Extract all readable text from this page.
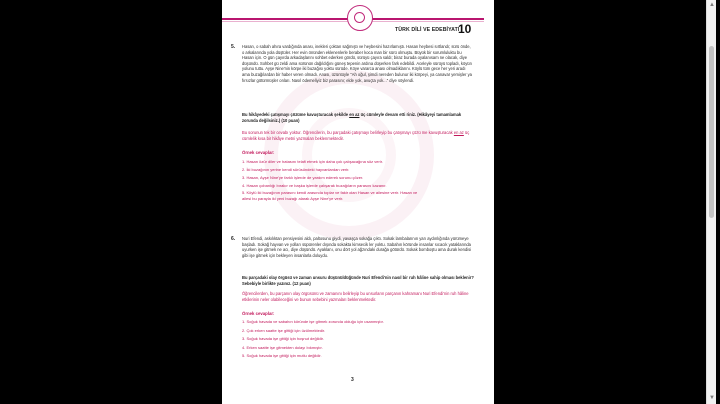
TÜRK DİLİ VE EDEBİYATI
10
5. Hasan, o sabah ahıra vardığında anası, inekleri çoktan sağmıştı ve heybesini hazırlamıştı. Hasan heybesi sırtlandı; sürü önde, o arkalarında yola düştüler. Her evin önünden eklenenlerle beraber koca man bir sürü olmuştu. Büyük bir sorumluluktu bu Hasan için. O gün çayırda arkadaşlarını sohbet ederken gördü, sürüyü çayıra saldı; biraz burada oyalanısam ne olacak, diye düşündü. Sohbet gü zeldi ama sürünün dağıldığını güneş tepenin ardına düşerken fark edebildi. Aceleyle sürüyü topladı, köyün yolunu tuttu. Ayşe Nine'nin körpe iki buzağısı yoktu sürüde. Köye vararca anası olmadıklarını. Köylü tüm gece her yeri aradı ama buzağılardan bir haber veren olmadı. Anası, üzüntüyle "Ah oğul, şimdi nereden bulunur iki körpeyi, ya canavar yemişler ya fırsızlar götürmüşler onları. Nasıl ödemeliyiz biz parasını; elde yok, avuçta yok..." diye söylendi.
Bu hikâyedeki çatışmayı çözüme kavuşturacak şekilde en az üç cümleyle devam etti riniz. (Hikâyeyi tamamlamak zorunda değilsiniz.) (10 puan)
Bu sorunun tek bir cevabı yoktur. Öğrencilerin, bu parçadaki çatışmayı belirleyip bu çatışmayı çözü me kavuşturacak en az üç cümlelik kısa bir hikâye metni yazmaları beklenmektedir.
Örnek cevaplar:
1. Hasan özür diler ve hatasını telafi etmek için daha çok çalışacağına söz verir.
2. İki buzağının yerine kendi sürüsündeki hayvanlardan verir.
3. Hasan, Ayşe Nine'ye farklı işlerde de yardım ederek sorunu çözer.
4. Hasan çobanlığı bırakır ve başka işlerde çalışarak buzağıların parasını kazanır.
5. Köylü iki buzağının parasını kendi arasında toplar ve fakir olan Hasan ve ailesine verir. Hasan ve
ailesi bu parayla iki yeni buzağı alarak Ayşe Nine'ye verir.
6. Nuri Efendi, askılıktan pensiyesini aldı, paltosunu giydi, yavaşça sokağa çıktı. Sokak lambalarının yarı aydınlığında yürümeye başladı. Sokağ hayvan ve yolları süpürenler dışında sokakta kimsecik ler yoktu. Sabahın köründe insanlar sıcacık yataklarında uyurken işe gitmek ne acı, diye düşündü. Ayaklanı, onu dört yol ağzındaki durağa götürdü. Sokak bomboştu ama durak kendisi gibi işe gitmek için bekleyen insanlarla doluydu.
Bu parçadaki olay örgüsü ve zaman unsuru düşünüldüğünde Nuri Efendi'nin nasıl bir ruh hâline sahip olması beklenir? Sebebiyle birlikte yazınız. (12 puan)
Öğrencilerden, bu parçanın olay örgüsünü ve zamanını belirleyip bu unsurların parçanın kahramanı Nuri Efendi'nin ruh hâline etkilerinin neler olabileceğini ve bunun sebebini yazmaları beklenmektedir.
Örnek cevaplar:
1. Soğuk havada ve sabahın köründe işe gitmek zorunda olduğu için usanmıştır.
2. Çok erken saatte işe gittiği için üzülmektedir.
3. Soğuk havada işe gittiği için hoşnut değildir.
4. Erken saatte işe gitmekten dolayı bıkmıştır.
5. Soğuk havada işe gittiği için mutlu değildir.
3
▲
▼
